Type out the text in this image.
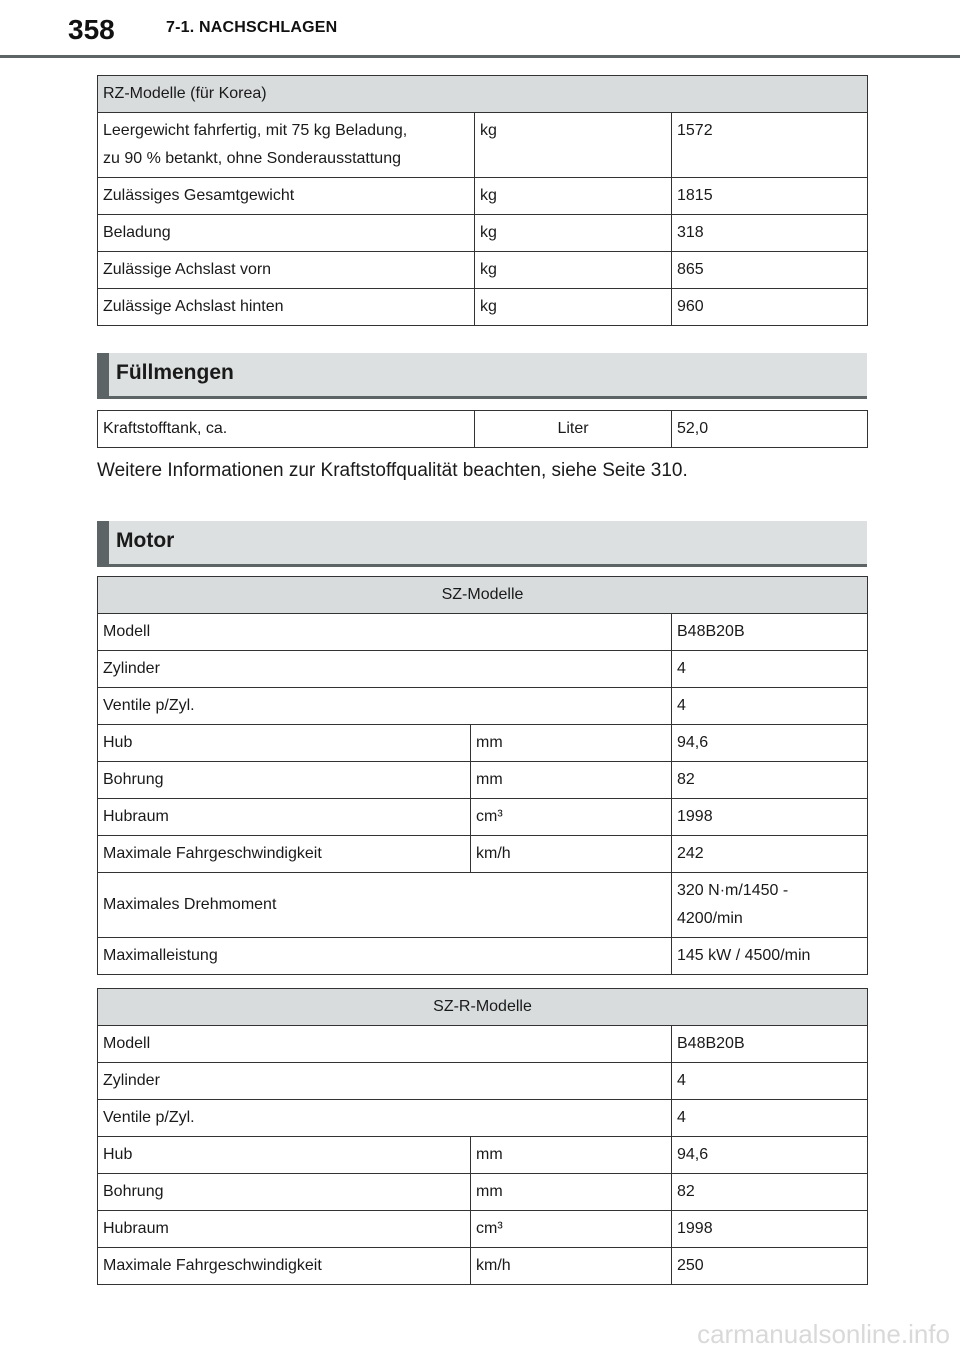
358	7-1. NACHSCHLAGEN
RZ-Modelle (für Korea)		

Leergewicht fahrfertig, mit 75 kg Beladung,
zu 90 % betankt, ohne Sonderausstattung	kg	1572
Zulässiges Gesamtgewicht	kg	1815
Beladung	kg	318
Zulässige Achslast vorn	kg	865
Zulässige Achslast hinten	kg	960
Füllmengen
Kraftstofftank, ca.	Liter	52,0
Weitere Informationen zur Kraftstoffqualität beachten, siehe Seite 310.
Motor
SZ-Modelle		
Modell		B48B20B
Zylinder		4
Ventile p/Zyl.		4
Hub	mm	94,6
Bohrung	mm	82
Hubraum	cm³	1998
Maximale Fahrgeschwindigkeit	km/h	242
Maximales Drehmoment		320 N·m/1450 -
4200/min

Maximalleistung		145 kW / 4500/min
SZ-R-Modelle		
Modell		B48B20B
Zylinder		4
Ventile p/Zyl.		4
Hub	mm	94,6
Bohrung	mm	82
Hubraum	cm³	1998
Maximale Fahrgeschwindigkeit	km/h	250
carmanualsonline.info
